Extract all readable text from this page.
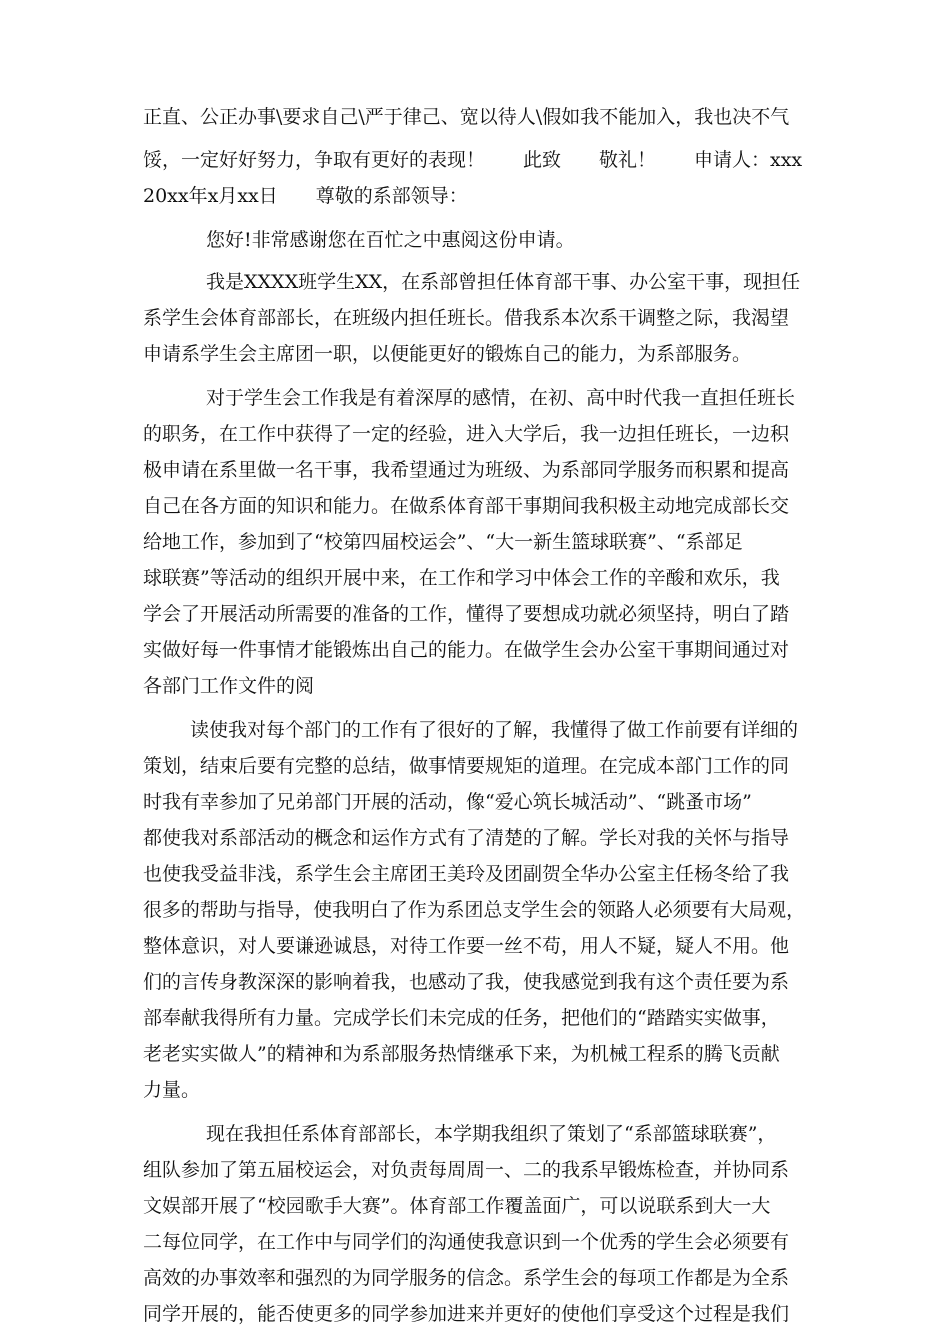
正直、公正办事\要求自己\严于律己、宽以待人\假如我不能加入，我也决不气
馁，一定好好努力，争取有更好的表现！　　此致　　敬礼！　　申请人：xxx
20xx年x月xx日　　尊敬的系部领导：
您好!非常感谢您在百忙之中惠阅这份申请。
我是XXXX班学生XX，在系部曾担任体育部干事、办公室干事，现担任
系学生会体育部部长，在班级内担任班长。借我系本次系干调整之际，我渴望
申请系学生会主席团一职，以便能更好的锻炼自己的能力，为系部服务。
对于学生会工作我是有着深厚的感情，在初、高中时代我一直担任班长
的职务，在工作中获得了一定的经验，进入大学后，我一边担任班长，一边积
极申请在系里做一名干事，我希望通过为班级、为系部同学服务而积累和提高
自己在各方面的知识和能力。在做系体育部干事期间我积极主动地完成部长交
给地工作，参加到了“校第四届校运会”、“大一新生篮球联赛”、“系部足
球联赛”等活动的组织开展中来，在工作和学习中体会工作的辛酸和欢乐，我
学会了开展活动所需要的准备的工作，懂得了要想成功就必须坚持，明白了踏
实做好每一件事情才能锻炼出自己的能力。在做学生会办公室干事期间通过对
各部门工作文件的阅
读使我对每个部门的工作有了很好的了解，我懂得了做工作前要有详细的
策划，结束后要有完整的总结，做事情要规矩的道理。在完成本部门工作的同
时我有幸参加了兄弟部门开展的活动，像“爱心筑长城活动”、“跳蚤市场”
都使我对系部活动的概念和运作方式有了清楚的了解。学长对我的关怀与指导
也使我受益非浅，系学生会主席团王美玲及团副贺全华办公室主任杨冬给了我
很多的帮助与指导，使我明白了作为系团总支学生会的领路人必须要有大局观，
整体意识，对人要谦逊诚恳，对待工作要一丝不苟，用人不疑，疑人不用。他
们的言传身教深深的影响着我，也感动了我，使我感觉到我有这个责任要为系
部奉献我得所有力量。完成学长们未完成的任务，把他们的“踏踏实实做事，
老老实实做人”的精神和为系部服务热情继承下来，为机械工程系的腾飞贡献
力量。
现在我担任系体育部部长，本学期我组织了策划了“系部篮球联赛”，
组队参加了第五届校运会，对负责每周周一、二的我系早锻炼检查，并协同系
文娱部开展了“校园歌手大赛”。体育部工作覆盖面广，可以说联系到大一大
二每位同学，在工作中与同学们的沟通使我意识到一个优秀的学生会必须要有
高效的办事效率和强烈的为同学服务的信念。系学生会的每项工作都是为全系
同学开展的，能否使更多的同学参加进来并更好的使他们享受这个过程是我们
